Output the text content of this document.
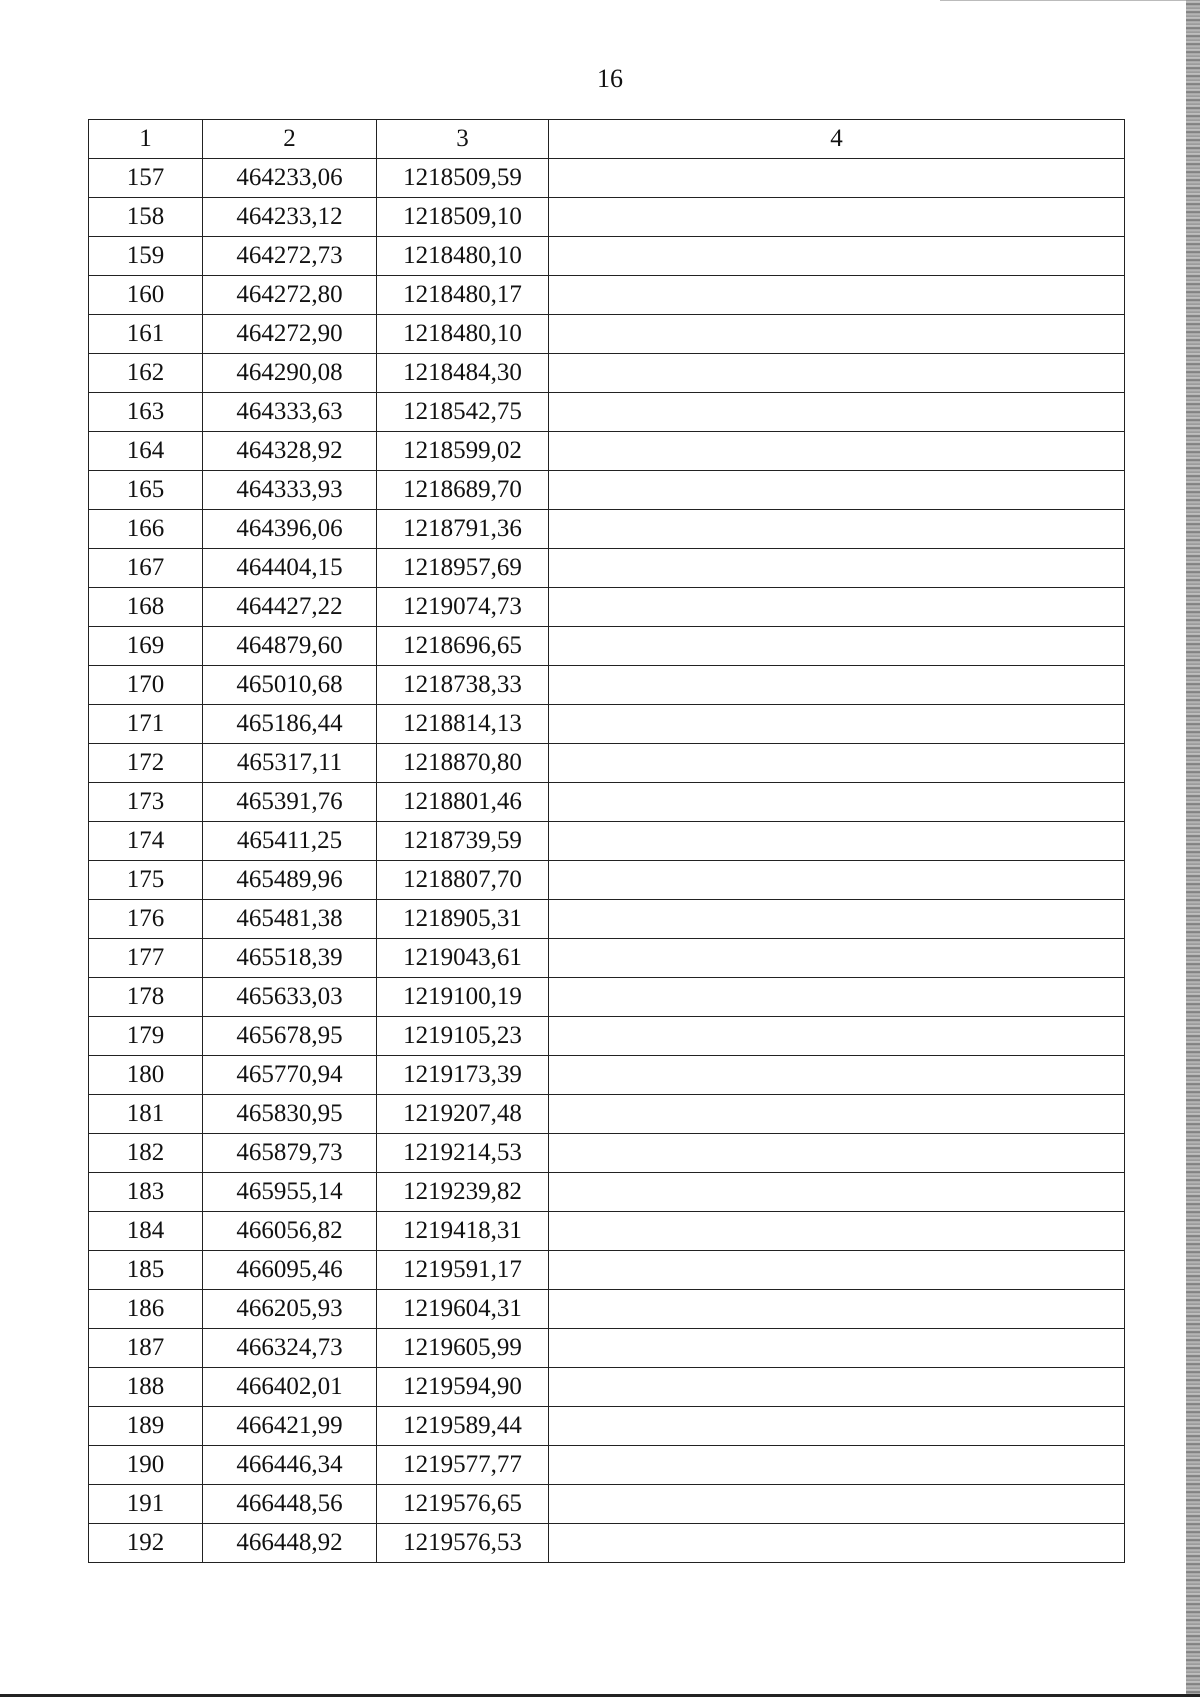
16
1	2	3	4
157	464233,06	1218509,59	
158	464233,12	1218509,10	
159	464272,73	1218480,10	
160	464272,80	1218480,17	
161	464272,90	1218480,10	
162	464290,08	1218484,30	
163	464333,63	1218542,75	
164	464328,92	1218599,02	
165	464333,93	1218689,70	
166	464396,06	1218791,36	
167	464404,15	1218957,69	
168	464427,22	1219074,73	
169	464879,60	1218696,65	
170	465010,68	1218738,33	
171	465186,44	1218814,13	
172	465317,11	1218870,80	
173	465391,76	1218801,46	
174	465411,25	1218739,59	
175	465489,96	1218807,70	
176	465481,38	1218905,31	
177	465518,39	1219043,61	
178	465633,03	1219100,19	
179	465678,95	1219105,23	
180	465770,94	1219173,39	
181	465830,95	1219207,48	
182	465879,73	1219214,53	
183	465955,14	1219239,82	
184	466056,82	1219418,31	
185	466095,46	1219591,17	
186	466205,93	1219604,31	
187	466324,73	1219605,99	
188	466402,01	1219594,90	
189	466421,99	1219589,44	
190	466446,34	1219577,77	
191	466448,56	1219576,65	
192	466448,92	1219576,53	
